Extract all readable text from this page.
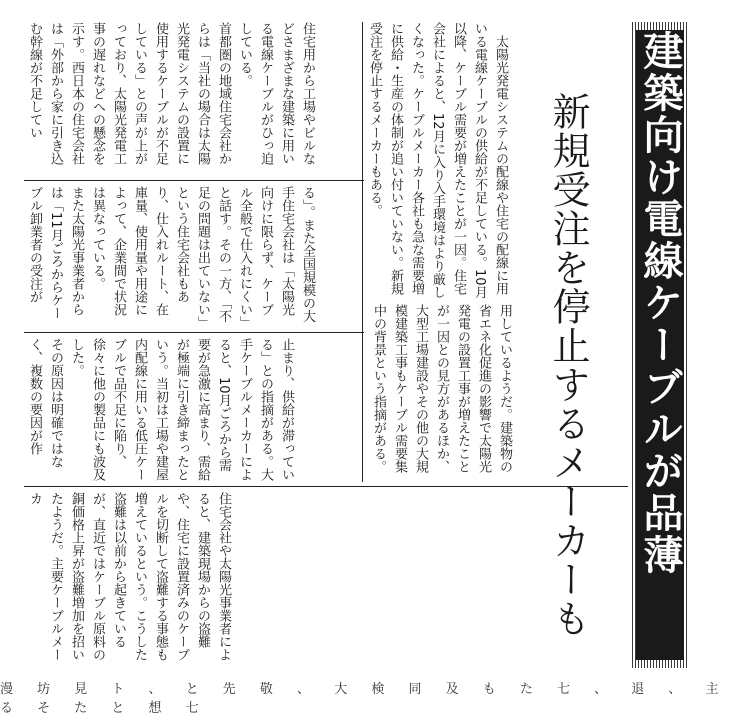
建築向け電線ケーブルが品薄
新規受注を停止するメーカーも

太陽光発電システムの配線や住宅の配線に用いる電線ケーブルの供給が不足している。10月以降、ケーブル需要が増えたことが一因。住宅会社によると、12月に入り入手環境はより厳しくなった。ケーブルメーカー各社も急な需要増に供給・生産の体制が追い付いていない。新規受注を停止するメーカーもある。

住宅用から工場やビルなどさまざまな建築に用いる電線ケーブルがひっ迫している。
首都圏の地域住宅会社からは「当社の場合は太陽光発電システムの設置に使用するケーブルが不足している」との声が上がっており、太陽光発電工事の遅れなどへの懸念を示す。西日本の住宅会社は「外部から家に引き込む幹線が不足してい

る」。また全国規模の大手住宅会社は「太陽光向けに限らず、ケーブル全般で仕入れにくい」と話す。その一方、「不足の問題は出ていない」という住宅会社もあり、仕入れルート、在庫量、使用量や用途によって、企業間で状況は異なっている。
また太陽光事業者からは「11月ごろからケーブル卸業者の受注が

止まり、供給が滞っている」との指摘がある。大手ケーブルメーカーによると、10月ごろから需要が急激に高まり、需給が極端に引き締まったという。当初は工場や建屋内配線に用いる低圧ケーブルで品不足に陥り、徐々に他の製品にも波及した。
その原因は明確ではなく、複数の要因が作	用しているようだ。建築物の省エネ化促進の影響で太陽光発電の設置工事が増えたことが一因との見方があるほか、大型工場建設やその他の大規模建築工事もケーブル需要集中の背景という指摘がある。

住宅会社や太陽光事業者によると、建築現場からの盗難や、住宅に設置済みのケーブルを切断して盗難する事態も増えているという。こうした盗難は以前から起きているが、直近ではケーブル原料の銅価格上昇が盗難増加を招いたようだ。主要ケーブルメーカ

漫 坊 見 ト 、 と 先 敬 、 大 検 同 及 も た 七 、 退 、 主 る そ た と 想 七
